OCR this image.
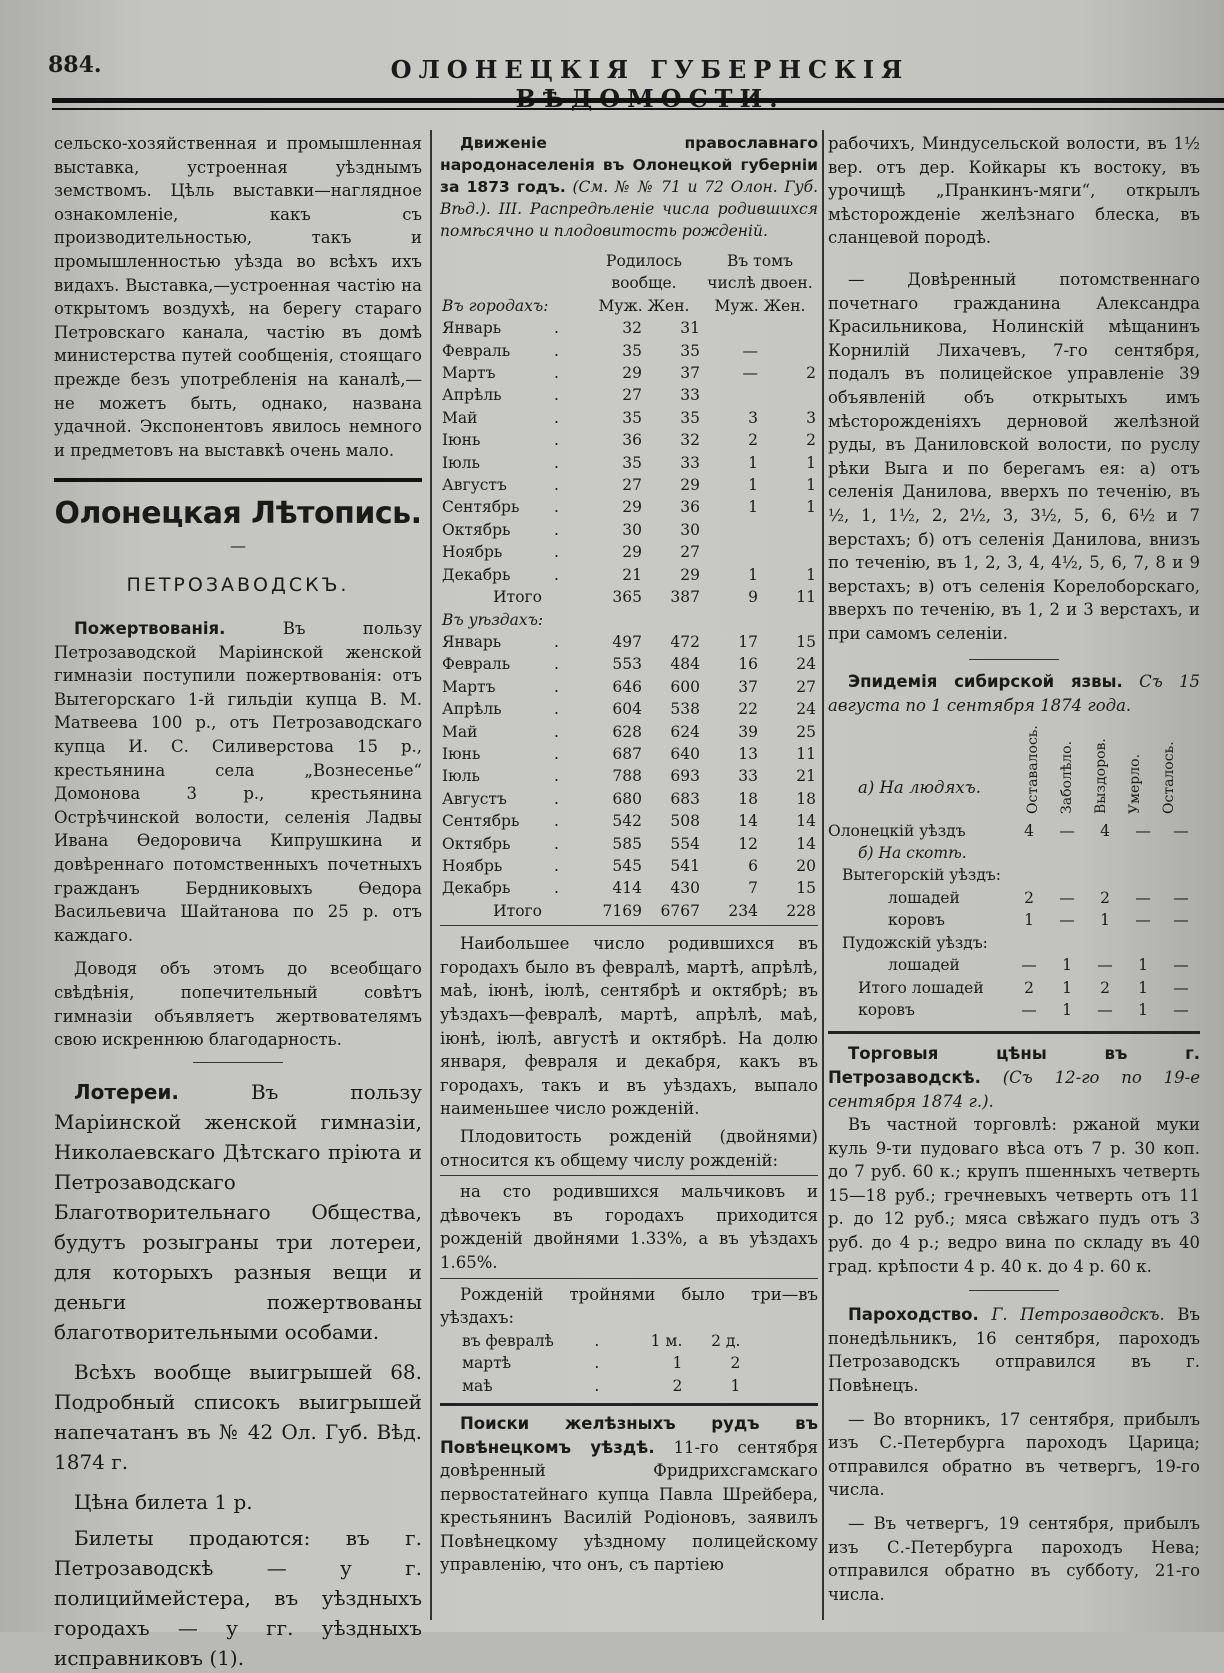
884.	ОЛОНЕЦКІЯ ГУБЕРНСКІЯ

сельско-хозяйственная и промышленная выставка, устроенная уѣзднымъ земствомъ. Цѣль выставки—наглядное ознакомленіе, какъ съ производительностью, такъ и промышленностью уѣзда во всѣхъ ихъ видахъ. Выставка,—устроенная частію на открытомъ воздухѣ, на берегу стараго Петровскаго канала, частію въ домѣ министерства путей сообщенія, стоящаго прежде безъ употребленія на каналѣ,—не можетъ быть, однако, названа удачной. Экспонентовъ явилось немного и предметовъ на выставкѣ очень мало.

Олонецкая Лѣтопись.
—
ПЕТРОЗАВОДСКЪ.

Пожертвованія.	Въ пользу Петрозаводской Маріинской женской гимназіи поступили пожертвованія: отъ Вытегорскаго 1-й гильдіи купца В. М. Матвеева 100 р., отъ Петрозаводскаго купца И. С. Силиверстова 15 р., крестьянина села „Вознесенье“ Домонова 3 р., крестьянина Острѣчинской волости, селенія Ладвы Ивана Ѳедоровича Кипрушкина и довѣреннаго потомственныхъ почетныхъ гражданъ Бердниковыхъ Ѳедора Васильевича Шайтанова по 25 р. отъ каждаго.

Доводя объ этомъ до всеобщаго свѣдѣнія, попечительный совѣтъ гимназіи объявляетъ жертвователямъ свою искреннюю благодарность.

Лотереи.	Въ пользу Маріинской женской гимназіи, Николаевскаго Дѣтскаго пріюта и Петрозаводскаго Благотворительнаго Общества, будутъ розыграны три лотереи, для которыхъ разныя вещи и деньги пожертвованы благотворительными особами.

Всѣхъ вообще выигрышей 68. Подробный списокъ выигрышей напечатанъ въ № 42 Ол. Губ. Вѣд. 1874 г.

Цѣна билета 1 р.

Билеты продаются: въ г. Петрозаводскѣ — у г. полициймейстера, въ уѣздныхъ городахъ — у гг. уѣздныхъ исправниковъ (1).

Движеніе православнаго народонаселенія въ Олонецкой губерніи за 1873 годъ. (См. № № 71 и 72 Олон. Губ. Вѣд.). III. Распредѣленіе числа родившихся помѣсячно и плодовитость рожденій.

		Родилось вообще.		Въ томъ числѣ двоен.	
Въ городахъ:		Муж. Жен.		Муж. Жен.	
Январь	.	32	31		
Февраль	.	35	35	—	
Мартъ	.	29	37	—	2
Апрѣль	.	27	33		
Май	.	35	35	3	3
Іюнь	.	36	32	2	2
Іюль	.	35	33	1	1
Августъ	.	27	29	1	1
Сентябрь	.	29	36	1	1
Октябрь	.	30	30		
Ноябрь	.	29	27		
Декабрь	.	21	29	1	1
Итого		365	387	9	11
Въ уѣздахъ:					
Январь	.	497	472	17	15
Февраль	.	553	484	16	24
Мартъ	.	646	600	37	27
Апрѣль	.	604	538	22	24
Май	.	628	624	39	25
Іюнь	.	687	640	13	11
Іюль	.	788	693	33	21
Августъ	.	680	683	18	18
Сентябрь	.	542	508	14	14
Октябрь	.	585	554	12	14
Ноябрь	.	545	541	6	20
Декабрь	.	414	430	7	15
Итого		7169	6767	234	228

Наибольшее число родившихся въ городахъ было въ февралѣ, мартѣ, апрѣлѣ, маѣ, іюнѣ, іюлѣ, сентябрѣ и октябрѣ; въ уѣздахъ—февралѣ, мартѣ, апрѣлѣ, маѣ, іюнѣ, іюлѣ, августѣ и октябрѣ. На долю января, февраля и декабря, какъ въ городахъ, такъ и въ уѣздахъ, выпало наименьшее число рожденій.

Плодовитость рожденій (двойнями) относится къ общему числу рожденій:

на сто родившихся мальчиковъ и дѣвочекъ въ городахъ приходится рожденій двойнями 1.33%, а въ уѣздахъ 1.65%.

Рожденій тройнями было три—въ уѣздахъ:

въ февралѣ	.	1 м.	2 д.
мартѣ	.	1	2
маѣ	.	2	1

Поиски желѣзныхъ рудъ въ Повѣнецкомъ уѣздѣ. 11-го сентября довѣренный Фридрихсгамскаго первостатейнаго купца Павла Шрейбера, крестьянинъ Василій Родіоновъ, заявилъ Повѣнецкому уѣздному полицейскому управленію, что онъ, съ партіею

рабочихъ, Миндусельской волости, въ 1½ вер. отъ дер. Койкары къ востоку, въ урочищѣ „Пранкинъ-мяги“, открылъ мѣсторожденіе желѣзнаго блеска, въ сланцевой породѣ.

— Довѣренный потомственнаго почетнаго гражданина Александра Красильникова, Нолинскій мѣщанинъ Корнилій Лихачевъ, 7-го сентября, подалъ въ полицейское управленіе 39 объявленій объ открытыхъ имъ мѣсторожденіяхъ дерновой желѣзной руды, въ Даниловской волости, по руслу рѣки Выга и по берегамъ ея: а) отъ селенія Данилова, вверхъ по теченію, въ ½, 1, 1½, 2, 2½, 3, 3½, 5, 6, 6½ и 7 верстахъ; б) отъ селенія Данилова, внизъ по теченію, въ 1, 2, 3, 4, 4½, 5, 6, 7, 8 и 9 верстахъ; в) отъ селенія Корелоборскаго, вверхъ по теченію, въ 1, 2 и 3 верстахъ, и при самомъ селеніи.

Эпидемія сибирской язвы. Съ 15 августа по 1 сентября 1874 года.

а) На людяхъ.	Оставалось. Заболѣло. Выздоров. Умерло. Осталось.
Олонецкій уѣздъ	4	—	4	—	—
б) На скотѣ.					
Вытегорскій уѣздъ:					
лошадей	2	—	2	—	—
коровъ	1	—	1	—	—
Пудожскій уѣздъ:					
лошадей	—	1	—	1	—
Итого лошадей	2	1	2	1	—
коровъ	—	1	—	1	—

Торговыя цѣны въ г. Петрозаводскѣ. (Съ 12-го по 19-е сентября 1874 г.).

Въ частной торговлѣ: ржаной муки куль 9-ти пудоваго вѣса отъ 7 р. 30 коп. до 7 руб. 60 к.; крупъ пшенныхъ четверть 15—18 руб.; гречневыхъ четверть отъ 11 р. до 12 руб.; мяса свѣжаго пудъ отъ 3 руб. до 4 р.; ведро вина по складу въ 40 град. крѣпости 4 р. 40 к. до 4 р. 60 к.

Пароходство. Г. Петрозаводскъ. Въ понедѣльникъ, 16 сентября, пароходъ Петрозаводскъ отправился въ г. Повѣнецъ.

— Во вторникъ, 17 сентября, прибылъ изъ С.-Петербурга пароходъ Царица; отправился обратно въ четвергъ, 19-го числа.

— Въ четвергъ, 19 сентября, прибылъ изъ С.-Петербурга пароходъ Нева; отправился обратно въ субботу, 21-го числа.
